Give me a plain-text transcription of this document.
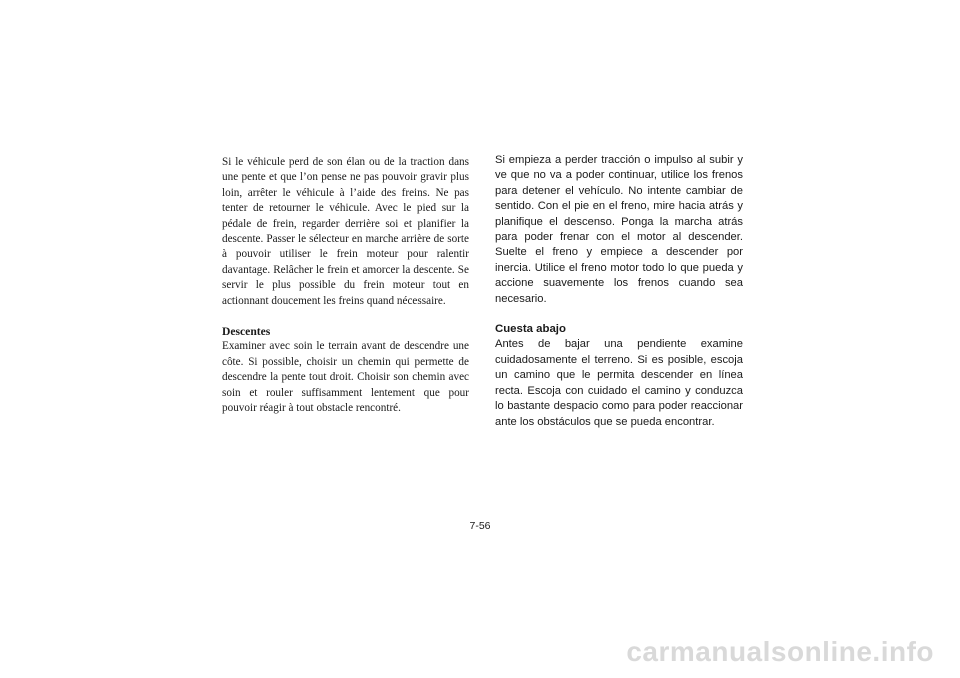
Si le véhicule perd de son élan ou de la traction dans une pente et que l’on pense ne pas pouvoir gravir plus loin, arrêter le véhicule à l’aide des freins. Ne pas tenter de retourner le véhicule. Avec le pied sur la pédale de frein, regarder derrière soi et planifier la descente. Passer le sélecteur en marche arrière de sorte à pouvoir utiliser le frein moteur pour ralentir davantage. Relâcher le frein et amorcer la descente. Se servir le plus possible du frein moteur tout en actionnant doucement les freins quand nécessaire.

Descentes

Examiner avec soin le terrain avant de descendre une côte. Si possible, choisir un chemin qui permette de descendre la pente tout droit. Choisir son chemin avec soin et rouler suffisamment lentement que pour pouvoir réagir à tout obstacle rencontré.

Si empieza a perder tracción o impulso al subir y ve que no va a poder continuar, utilice los frenos para detener el vehículo. No intente cambiar de sentido. Con el pie en el freno, mire hacia atrás y planifique el descenso. Ponga la marcha atrás para poder frenar con el motor al descender. Suelte el freno y empiece a descender por inercia. Utilice el freno motor todo lo que pueda y accione suavemente los frenos cuando sea necesario.

Cuesta abajo

Antes de bajar una pendiente examine cuidadosamente el terreno. Si es posible, escoja un camino que le permita descender en línea recta. Escoja con cuidado el camino y conduzca lo bastante despacio como para poder reaccionar ante los obstáculos que se pueda encontrar.

7-56
carmanualsonline.info
